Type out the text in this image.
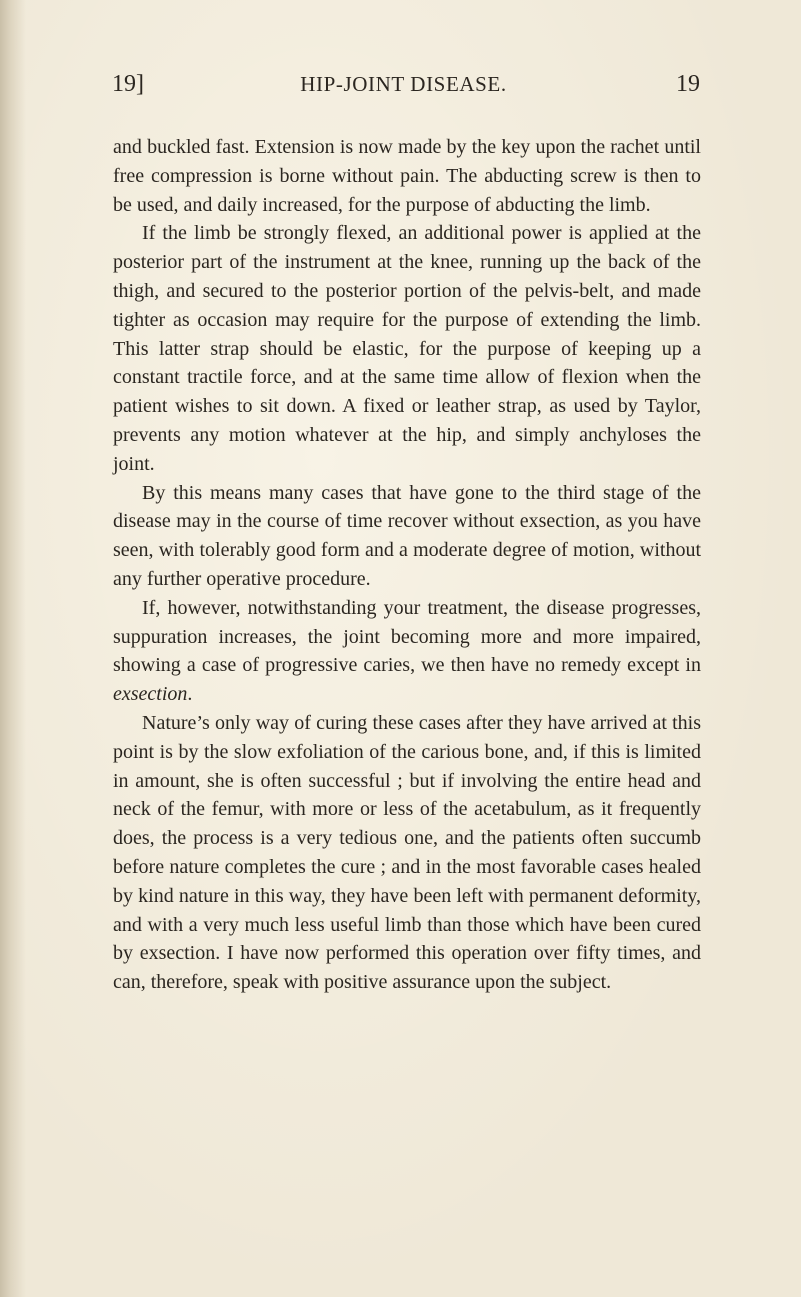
19]	HIP-JOINT DISEASE.	19

and buckled fast. Extension is now made by the key upon the rachet until free compression is borne without pain. The abducting screw is then to be used, and daily increased, for the purpose of abducting the limb.

If the limb be strongly flexed, an additional power is applied at the posterior part of the instrument at the knee, running up the back of the thigh, and secured to the posterior portion of the pelvis-belt, and made tighter as occasion may require for the purpose of extending the limb. This latter strap should be elastic, for the purpose of keeping up a constant tractile force, and at the same time allow of flexion when the patient wishes to sit down. A fixed or leather strap, as used by Taylor, prevents any motion whatever at the hip, and simply anchyloses the joint.

By this means many cases that have gone to the third stage of the disease may in the course of time recover without exsection, as you have seen, with tolerably good form and a moderate degree of motion, without any further operative procedure.

If, however, notwithstanding your treatment, the disease progresses, suppuration increases, the joint becoming more and more impaired, showing a case of progressive caries, we then have no remedy except in exsection.

Nature’s only way of curing these cases after they have arrived at this point is by the slow exfoliation of the carious bone, and, if this is limited in amount, she is often successful ; but if involving the entire head and neck of the femur, with more or less of the acetabulum, as it frequently does, the process is a very tedious one, and the patients often succumb before nature completes the cure ; and in the most favorable cases healed by kind nature in this way, they have been left with permanent deformity, and with a very much less useful limb than those which have been cured by exsection. I have now performed this operation over fifty times, and can, therefore, speak with positive assurance upon the subject.
